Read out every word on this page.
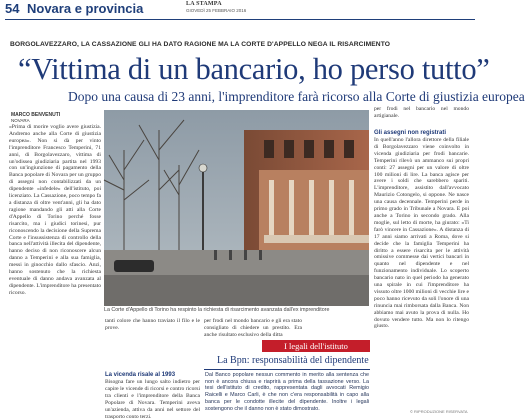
54 Novara e provincia	LA STAMPA
GIOVEDÌ 25 FEBBRAIO 2016
BORGOLAVEZZARO, LA CASSAZIONE GLI HA DATO RAGIONE MA LA CORTE D'APPELLO NEGA IL RISARCIMENTO
“Vittima di un bancario, ho perso tutto”
Dopo una causa di 23 anni, l'imprenditore farà ricorso alla Corte di giustizia europea
MARCO BENVENUTI
NOVARA
«Prima di morire voglio avere giustizia. Andremo anche alla Corte di giustizia europea». Non si dà per vinto l'imprenditore Francesco Temperini, 71 anni, di Borgolavezzaro, vittima di un'odissea giudiziaria partita nel 1993 con un'ingiunzione di pagamento della Banca popolare di Novara per un gruppo di assegni non contabilizzati da un dipendente «infedele» dell'istituto, poi licenziato. La Cassazione, poco tempo fa a distanza di oltre vent'anni, gli ha dato ragione mandando gli atti alla Corte d'Appello di Torino perché fosse risarcito, ma i giudici torinesi, pur riconoscendo la decisione della Suprema Corte e l'insussistenza di controllo della banca nell'attività illecita del dipendente, hanno deciso di non riconoscere alcun danno a Temperini e alla sua famiglia, messi in ginocchio dallo sfascio. Anzi, hanno sostenuto che la richiesta eventuale di danno andava avanzata al dipendente. L'imprenditore ha presentato ricorso.
La Corte d'Appello di Torino ha respinto la richiesta di risarcimento avanzata dall'ex imprenditore
tanti colore che hanno traviato il filo e le prove.
La vicenda risale al 1993
Bisogna fare un lungo salto indietro per capire le vicende di ricorsi e contro ricorsi tra clienti e l'imprenditore della Banca Popolare di Novara. Temperini aveva un'azienda, attiva da anni nel settore del trasporto conto terzi.
per frodi nel mondo bancario e gli era stato consigliato di chiedere un prestito. Era anche risultato esclusivo della ditta
per frodi nel bancario nel mondo artigianale.
Gli assegni non registrati
In quell'anno l'allora direttore della filiale di Borgolavezzaro viene coinvolto in vicenda giudiziaria per frodi bancarie. Temperini rilevò un ammanco sui propri conti: 27 assegni per un valore di oltre 100 milioni di lire. La banca agisce per avere i soldi che sarebbero spariti. L'imprenditore, assistito dall'avvocato Maurizio Cotongelo, si oppone. Ne nasce una causa decennale. Temperini perde in primo grado in Tribunale a Novara. E poi anche a Torino in secondo grado. Alla moglie, sul letto di morte, ha giurato: «Ti farò vincere in Cassazione». A distanza di 17 anni siamo arrivati a Roma, dove si decide che la famiglia Temperini ha diritto a essere risarcita per le attività omissive commesse dai vertici bancari in quanto nel dipendente e nel funzionamento individuale. Lo scoperto bancario nato in quel periodo ha generato una spirale in cui l'imprenditore ha vissuto oltre 1000 milioni di vecchie lire e poco hanno ricevuto da soli l'onore di una rinuncia mai rimborsata dalla Banca. Non abbiamo mai avuto la prova di nulla. Ho dovuto vendere tutto. Ma non lo ritengo giusto.
I legali dell'istituto
La Bpn: responsabilità del dipendente
Dal Banco popolare nessun commento in merito alla sentenza che non è ancora chiusa e riaprirà a prima della tassazione verso. La tesi dell'istituto di credito, rappresentata dagli avvocati Remigio Raicelli e Marco Carli, è che non c'era responsabilità in capo alla banca per le condotte illecite del dipendente. Inoltre i legali sostengono che il danno non è stato dimostrato.	© RIPRODUZIONE RISERVATA
